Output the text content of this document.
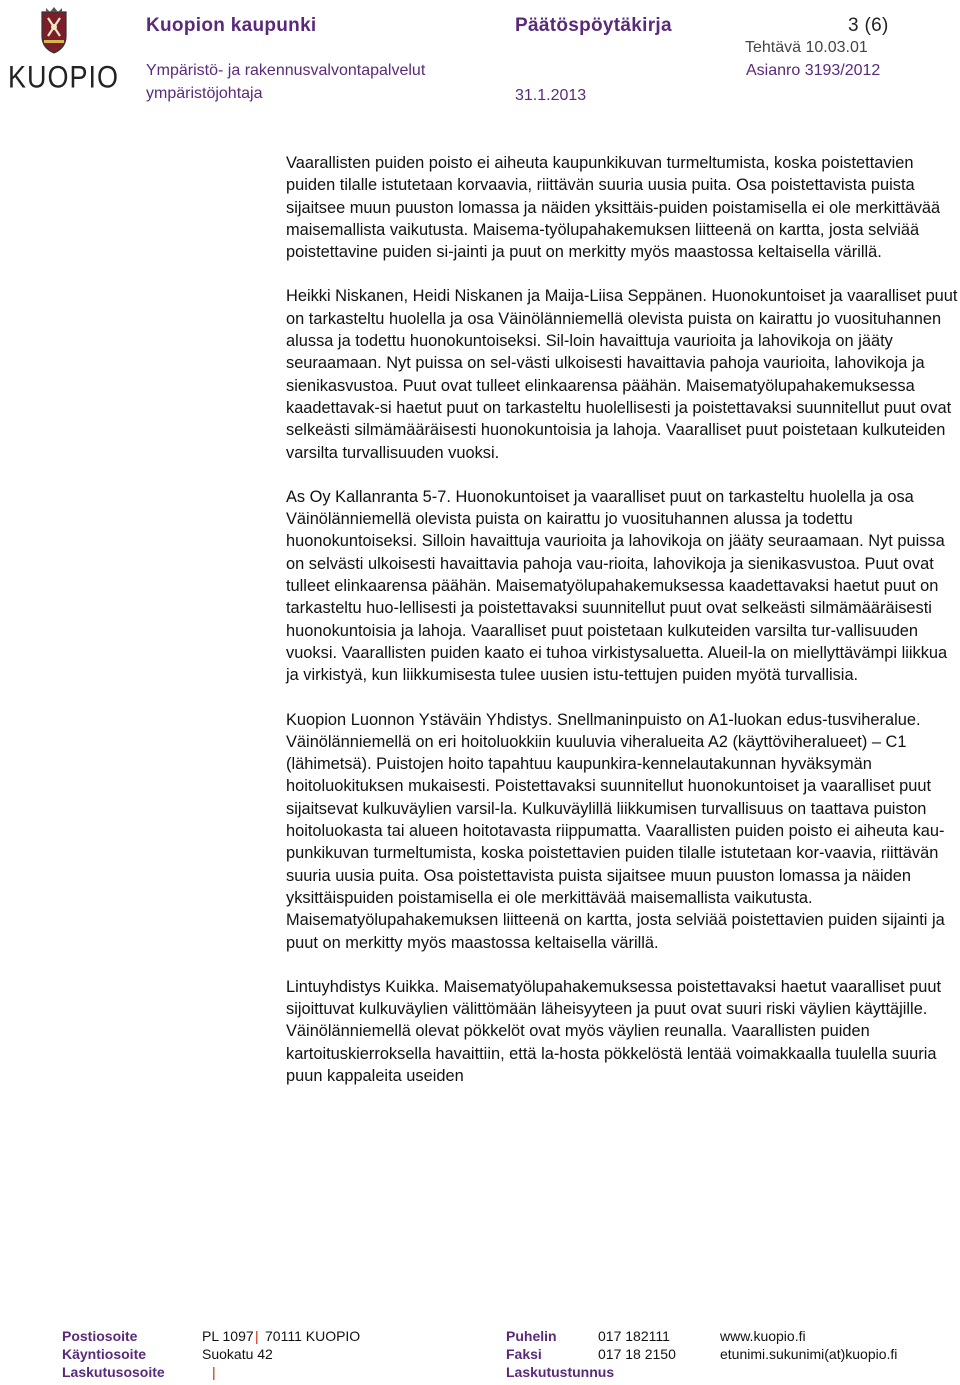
KUOPIO
Kuopion kaupunki	Päätöspöytäkirja	3 (6)
Tehtävä 10.03.01
Ympäristö- ja rakennusvalvontapalvelut	Asianro 3193/2012
ympäristöjohtaja	31.1.2013

Vaarallisten puiden poisto ei aiheuta kaupunkikuvan turmeltumista, koska poistettavien puiden tilalle istutetaan korvaavia, riittävän suuria uusia puita. Osa poistettavista puista sijaitsee muun puuston lomassa ja näiden yksittäis-puiden poistamisella ei ole merkittävää maisemallista vaikutusta. Maisema-työlupahakemuksen liitteenä on kartta, josta selviää poistettavine puiden si-jainti ja puut on merkitty myös maastossa keltaisella värillä.

Heikki Niskanen, Heidi Niskanen ja Maija-Liisa Seppänen. Huonokuntoiset ja vaaralliset puut on tarkasteltu huolella ja osa Väinölänniemellä olevista puista on kairattu jo vuosituhannen alussa ja todettu huonokuntoiseksi. Sil-loin havaittuja vaurioita ja lahovikoja on jääty seuraamaan. Nyt puissa on sel-västi ulkoisesti havaittavia pahoja vaurioita, lahovikoja ja sienikasvustoa. Puut ovat tulleet elinkaarensa päähän. Maisematyölupahakemuksessa kaadettavak-si haetut puut on tarkasteltu huolellisesti ja poistettavaksi suunnitellut puut ovat selkeästi silmämääräisesti huonokuntoisia ja lahoja. Vaaralliset puut poistetaan kulkuteiden varsilta turvallisuuden vuoksi.

As Oy Kallanranta 5-7. Huonokuntoiset ja vaaralliset puut on tarkasteltu huolella ja osa Väinölänniemellä olevista puista on kairattu jo vuosituhannen alussa ja todettu huonokuntoiseksi. Silloin havaittuja vaurioita ja lahovikoja on jääty seuraamaan. Nyt puissa on selvästi ulkoisesti havaittavia pahoja vau-rioita, lahovikoja ja sienikasvustoa. Puut ovat tulleet elinkaarensa päähän. Maisematyölupahakemuksessa kaadettavaksi haetut puut on tarkasteltu huo-lellisesti ja poistettavaksi suunnitellut puut ovat selkeästi silmämääräisesti huonokuntoisia ja lahoja. Vaaralliset puut poistetaan kulkuteiden varsilta tur-vallisuuden vuoksi. Vaarallisten puiden kaato ei tuhoa virkistysaluetta. Alueil-la on miellyttävämpi liikkua ja virkistyä, kun liikkumisesta tulee uusien istu-tettujen puiden myötä turvallisia.

Kuopion Luonnon Ystäväin Yhdistys. Snellmaninpuisto on A1-luokan edus-tusviheralue. Väinölänniemellä on eri hoitoluokkiin kuuluvia viheralueita A2 (käyttöviheralueet) – C1 (lähimetsä). Puistojen hoito tapahtuu kaupunkira-kennelautakunnan hyväksymän hoitoluokituksen mukaisesti. Poistettavaksi suunnitellut huonokuntoiset ja vaaralliset puut sijaitsevat kulkuväylien varsil-la. Kulkuväylillä liikkumisen turvallisuus on taattava puiston hoitoluokasta tai alueen hoitotavasta riippumatta. Vaarallisten puiden poisto ei aiheuta kau-punkikuvan turmeltumista, koska poistettavien puiden tilalle istutetaan kor-vaavia, riittävän suuria uusia puita. Osa poistettavista puista sijaitsee muun puuston lomassa ja näiden yksittäispuiden poistamisella ei ole merkittävää maisemallista vaikutusta. Maisematyölupahakemuksen liitteenä on kartta, josta selviää poistettavien puiden sijainti ja puut on merkitty myös maastossa keltaisella värillä.

Lintuyhdistys Kuikka. Maisematyölupahakemuksessa poistettavaksi haetut vaaralliset puut sijoittuvat kulkuväylien välittömään läheisyyteen ja puut ovat suuri riski väylien käyttäjille. Väinölänniemellä olevat pökkelöt ovat myös väylien reunalla. Vaarallisten puiden kartoituskierroksella havaittiin, että la-hosta pökkelöstä lentää voimakkaalla tuulella suuria puun kappaleita useiden

Postiosoite	PL 1097 | 70111 KUOPIO	Puhelin	017 182111	www.kuopio.fi
Käyntiosoite	Suokatu 42	Faksi	017 18 2150	etunimi.sukunimi(at)kuopio.fi
Laskutusosoite	|	Laskutustunnus
